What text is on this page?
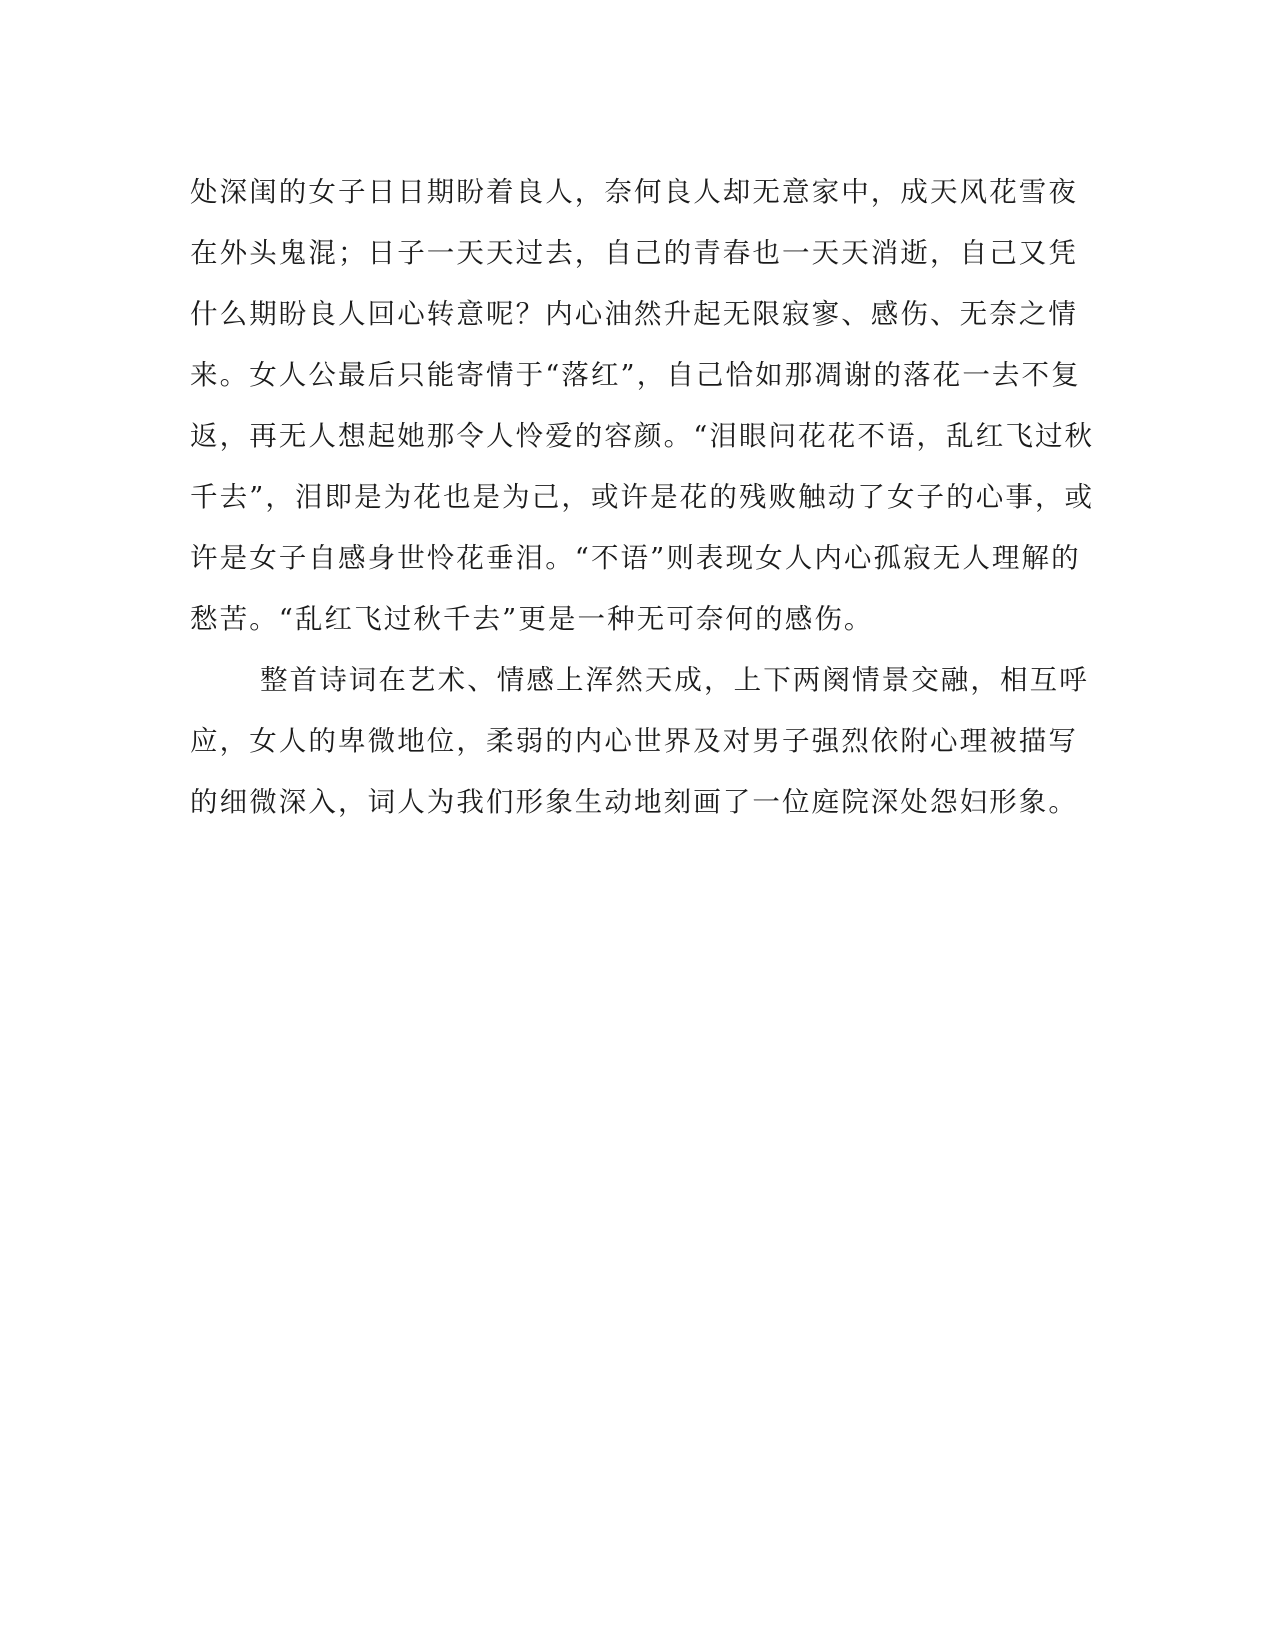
处深闺的女子日日期盼着良人，奈何良人却无意家中，成天风花雪夜
在外头鬼混；日子一天天过去，自己的青春也一天天消逝，自己又凭
什么期盼良人回心转意呢？内心油然升起无限寂寥、感伤、无奈之情
来。女人公最后只能寄情于“落红”，自己恰如那凋谢的落花一去不复
返，再无人想起她那令人怜爱的容颜。“泪眼问花花不语，乱红飞过秋
千去”，泪即是为花也是为己，或许是花的残败触动了女子的心事，或
许是女子自感身世怜花垂泪。“不语”则表现女人内心孤寂无人理解的
愁苦。“乱红飞过秋千去”更是一种无可奈何的感伤。
整首诗词在艺术、情感上浑然天成，上下两阕情景交融，相互呼
应，女人的卑微地位，柔弱的内心世界及对男子强烈依附心理被描写
的细微深入，词人为我们形象生动地刻画了一位庭院深处怨妇形象。
